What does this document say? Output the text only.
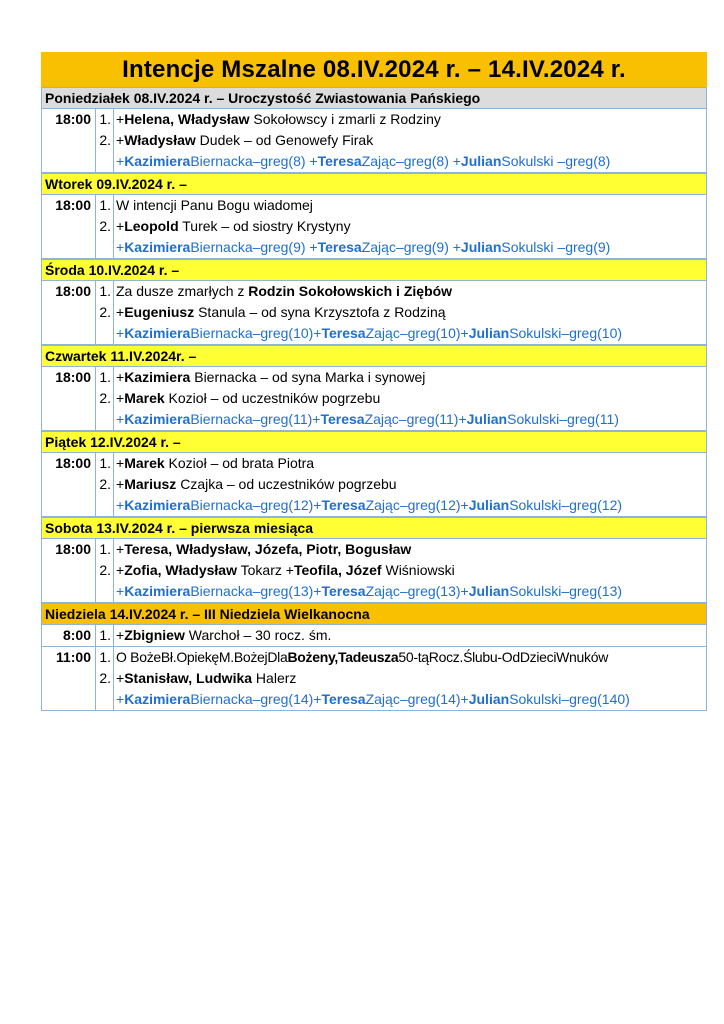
Intencje Mszalne 08.IV.2024 r. – 14.IV.2024 r.
Poniedziałek 08.IV.2024 r. – Uroczystość Zwiastowania Pańskiego
18:00 1. +Helena, Władysław Sokołowscy i zmarli z Rodziny
2. +Władysław Dudek – od Genowefy Firak
+KazimieraBiernacka–greg(8) +TeresaZając–greg(8) +JulianSokulski –greg(8)
Wtorek 09.IV.2024 r. –
18:00 1. W intencji Panu Bogu wiadomej
2. +Leopold Turek – od siostry Krystyny
+KazimieraBiernacka–greg(9) +TeresaZając–greg(9) +JulianSokulski –greg(9)
Środa 10.IV.2024 r. –
18:00 1. Za dusze zmarłych z Rodzin Sokołowskich i Ziębów
2. +Eugeniusz Stanula – od syna Krzysztofa z Rodziną
+KazimieraBiernacka–greg(10)+TeresaZając–greg(10)+JulianSokulski–greg(10)
Czwartek 11.IV.2024r. –
18:00 1. +Kazimiera Biernacka – od syna Marka i synowej
2. +Marek Kozioł – od uczestników pogrzebu
+KazimieraBiernacka–greg(11)+TeresaZając–greg(11)+JulianSokulski–greg(11)
Piątek 12.IV.2024 r. –
18:00 1. +Marek Kozioł – od brata Piotra
2. +Mariusz Czajka – od uczestników pogrzebu
+KazimieraBiernacka–greg(12)+TeresaZając–greg(12)+JulianSokulski–greg(12)
Sobota 13.IV.2024 r. – pierwsza miesiąca
18:00 1. +Teresa, Władysław, Józefa, Piotr, Bogusław
2. +Zofia, Władysław Tokarz +Teofila, Józef Wiśniowski
+KazimieraBiernacka–greg(13)+TeresaZając–greg(13)+JulianSokulski–greg(13)
Niedziela 14.IV.2024 r. – III Niedziela Wielkanocna
8:00 1. +Zbigniew Warchoł – 30 rocz. śm.
11:00 1. O BożeBł.OpiekęM.BożejDlaBożeny,Tadeusza50-tąRocz.Ślubu-OdDzieciWnuków
2. +Stanisław, Ludwika Halerz
+KazimieraBiernacka–greg(14)+TeresaZając–greg(14)+JulianSokulski–greg(140)
